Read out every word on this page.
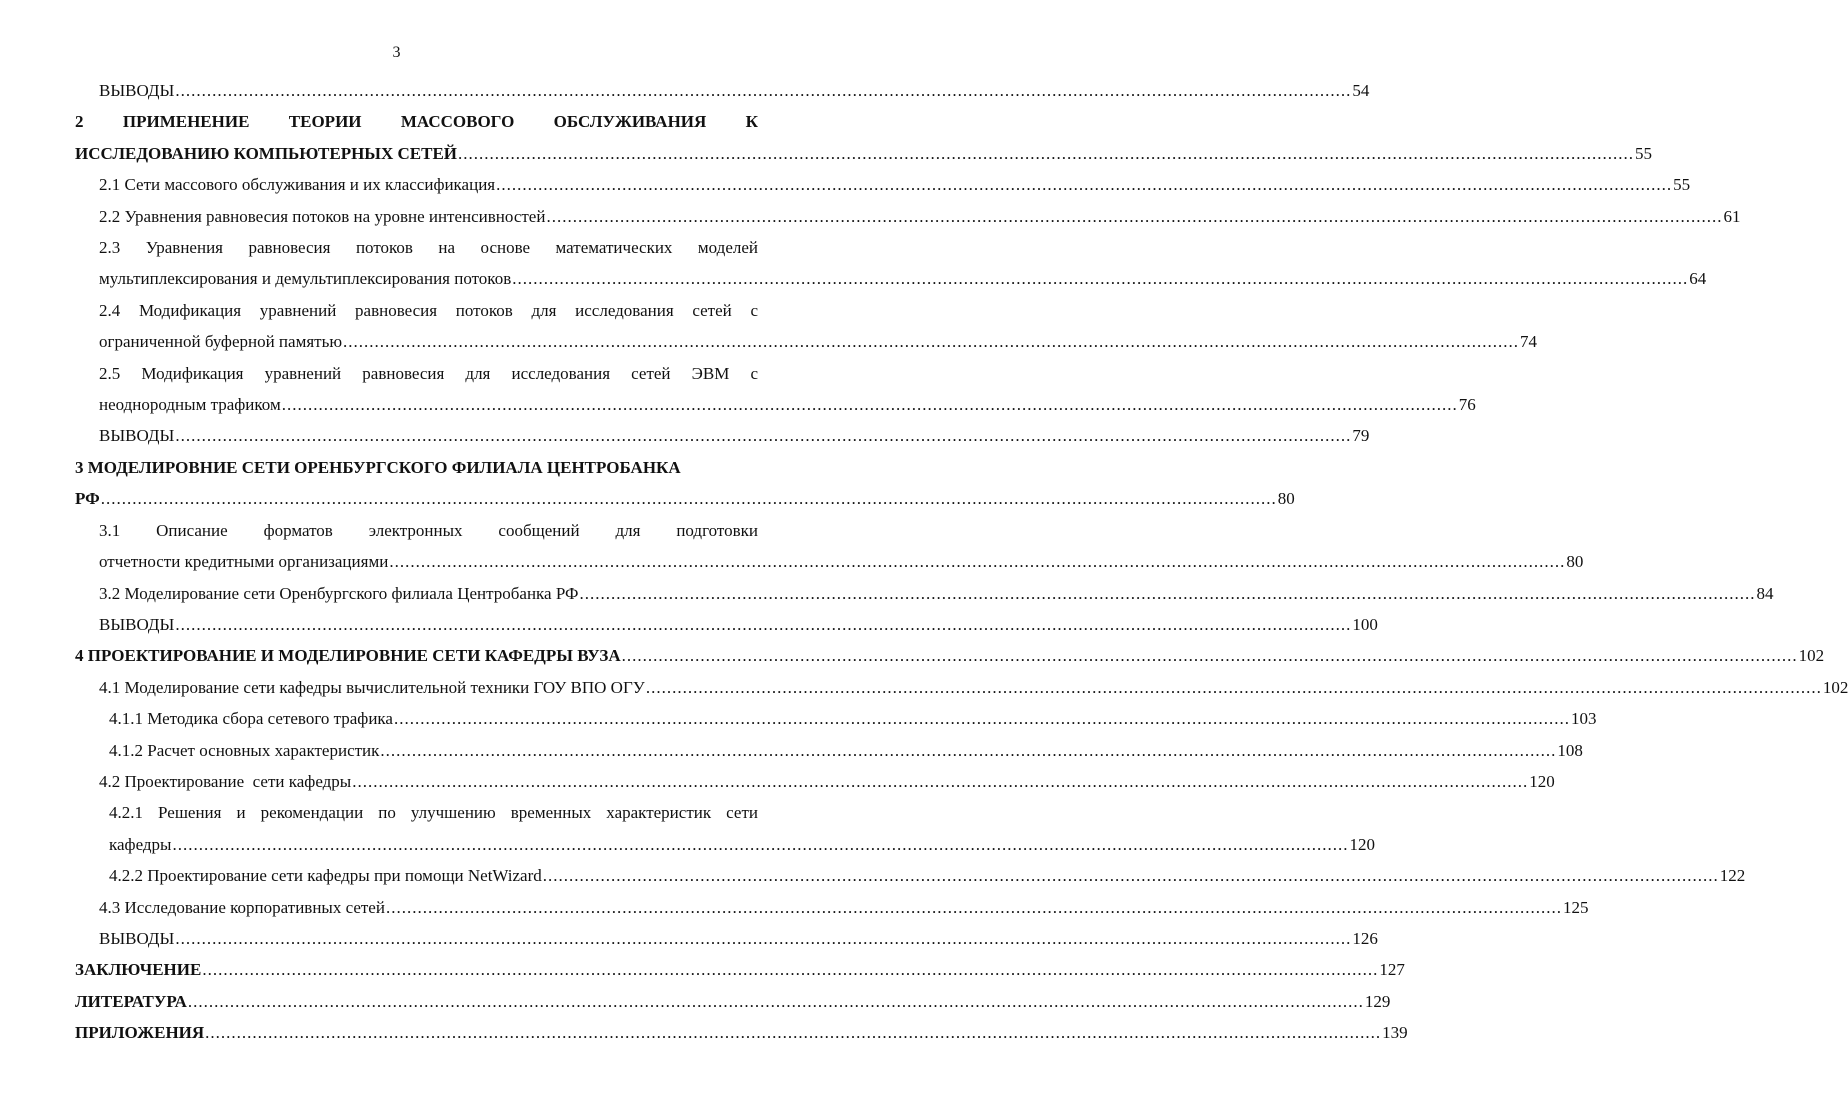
3
ВЫВОДЫ .....	54
2 ПРИМЕНЕНИЕ ТЕОРИИ МАССОВОГО ОБСЛУЖИВАНИЯ К
ИССЛЕДОВАНИЮ КОМПЬЮТЕРНЫХ СЕТЕЙ .....	55
2.1 Сети массового обслуживания и их классификация .....	55
2.2 Уравнения равновесия потоков на уровне интенсивностей .....	61
2.3 Уравнения равновесия потоков на основе математических моделей
мультиплексирования и демультиплексирования потоков .....	64
2.4 Модификация уравнений равновесия потоков для исследования сетей с
ограниченной буферной памятью .....	74
2.5 Модификация уравнений равновесия для исследования сетей ЭВМ с
неоднородным трафиком .....	76
ВЫВОДЫ .....	79
3 МОДЕЛИРОВНИЕ СЕТИ ОРЕНБУРГСКОГО ФИЛИАЛА ЦЕНТРОБАНКА
РФ .....	80
3.1 Описание форматов электронных сообщений для подготовки
отчетности кредитными организациями .....	80
3.2 Моделирование сети Оренбургского филиала Центробанка РФ .....	84
ВЫВОДЫ .....	100
4 ПРОЕКТИРОВАНИЕ И МОДЕЛИРОВНИЕ СЕТИ КАФЕДРЫ ВУЗА .....	102
4.1 Моделирование сети кафедры вычислительной техники ГОУ ВПО ОГУ .....	102
4.1.1 Методика сбора сетевого трафика .....	103
4.1.2 Расчет основных характеристик .....	108
4.2 Проектирование  сети кафедры .....	120
4.2.1 Решения и рекомендации по улучшению временных характеристик сети
кафедры .....	120
4.2.2 Проектирование сети кафедры при помощи NetWizard .....	122
4.3 Исследование корпоративных сетей .....	125
ВЫВОДЫ .....	126
ЗАКЛЮЧЕНИЕ .....	127
ЛИТЕРАТУРА .....	129
ПРИЛОЖЕНИЯ .....	139
